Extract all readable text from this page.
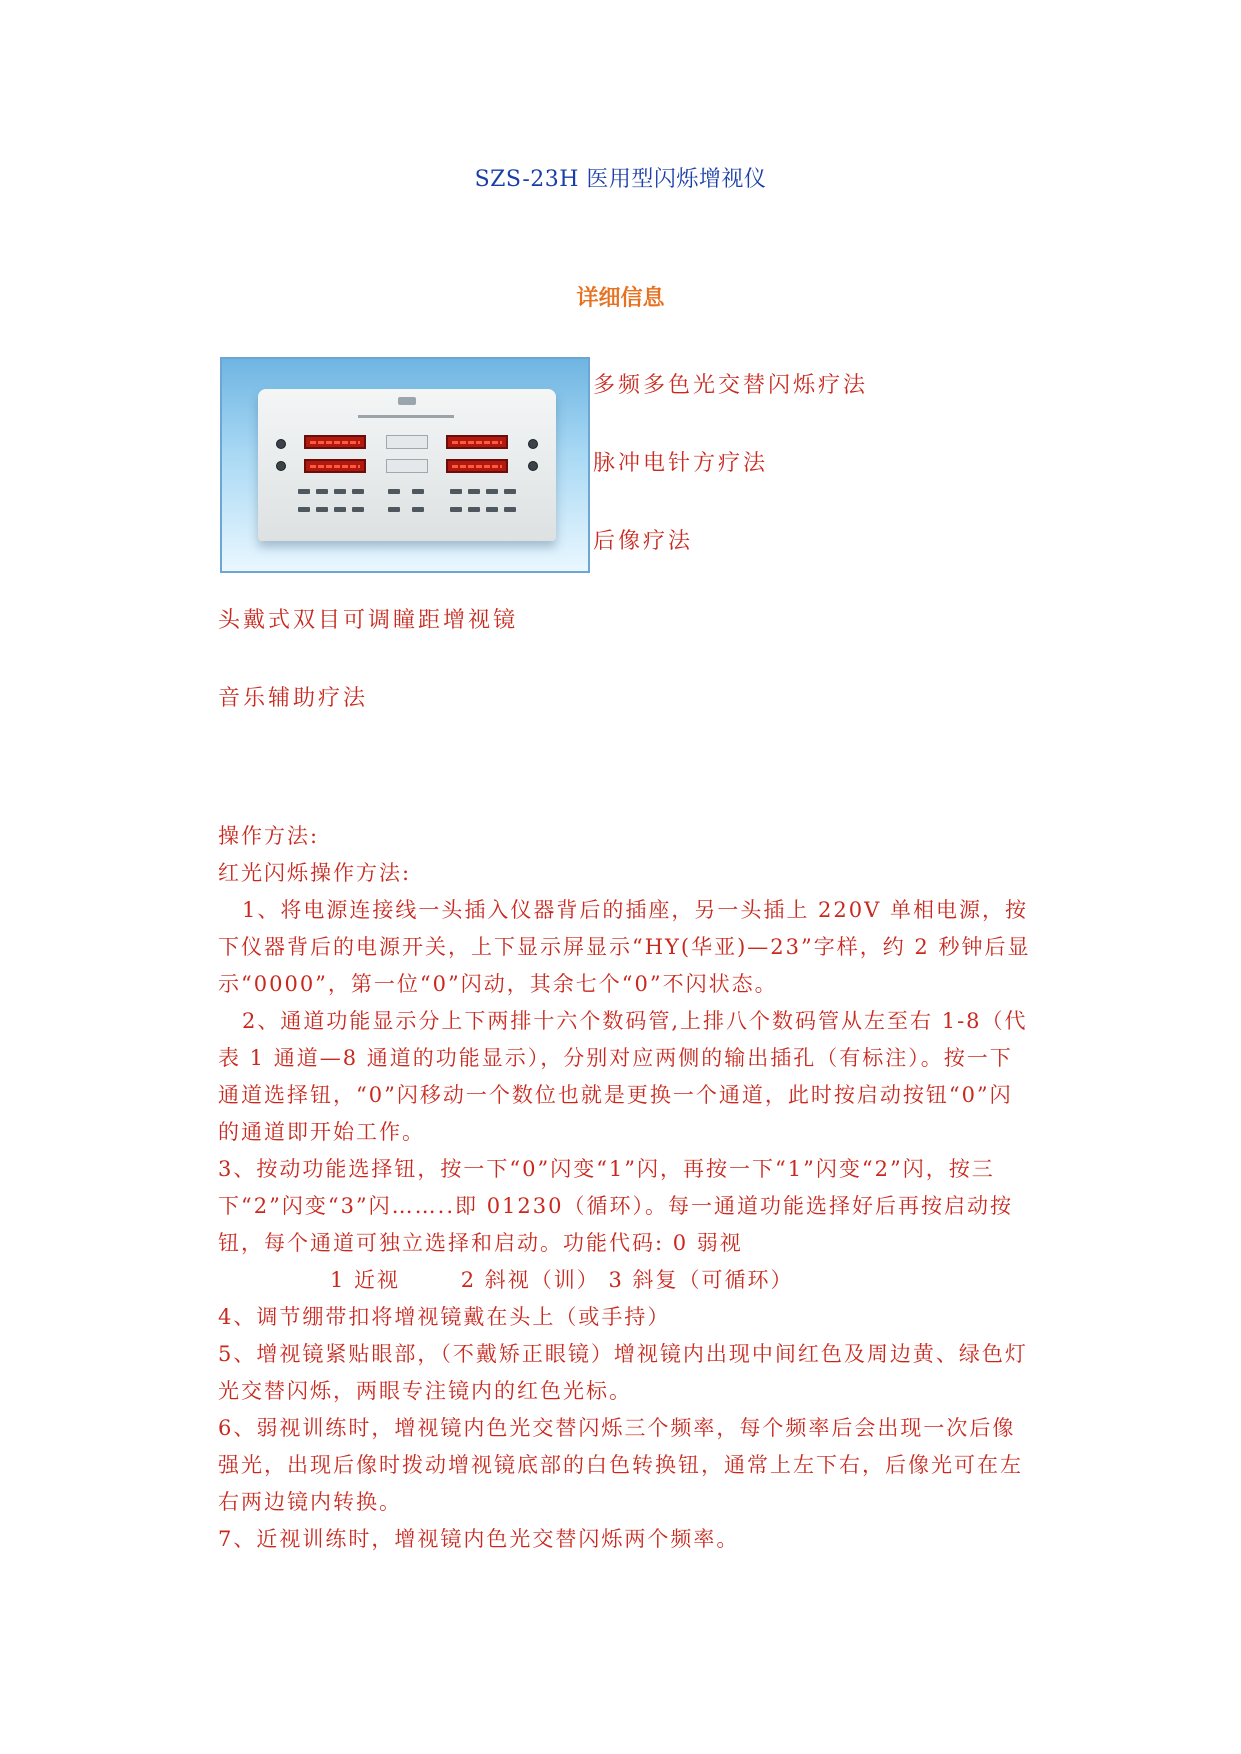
SZS-23H 医用型闪烁增视仪
详细信息
多频多色光交替闪烁疗法
脉冲电针方疗法
后像疗法
头戴式双目可调瞳距增视镜
音乐辅助疗法

操作方法:

红光闪烁操作方法:

1、将电源连接线一头插入仪器背后的插座，另一头插上 220V 单相电源，按下仪器背后的电源开关，上下显示屏显示“HY(华亚)—23”字样，约 2 秒钟后显示“0000”，第一位“0”闪动，其余七个“0”不闪状态。

2、通道功能显示分上下两排十六个数码管,上排八个数码管从左至右 1-8（代表 1 通道—8 通道的功能显示），分别对应两侧的输出插孔（有标注）。按一下通道选择钮，“0”闪移动一个数位也就是更换一个通道，此时按启动按钮“0”闪的通道即开始工作。

3、按动功能选择钮，按一下“0”闪变“1”闪，再按一下“1”闪变“2”闪，按三下“2”闪变“3”闪……..即 01230（循环）。每一通道功能选择好后再按启动按钮，每个通道可独立选择和启动。功能代码: 0 弱视

1 近视       2 斜视（训） 3 斜复（可循环）

4、调节绷带扣将增视镜戴在头上（或手持）

5、增视镜紧贴眼部，（不戴矫正眼镜）增视镜内出现中间红色及周边黄、绿色灯光交替闪烁，两眼专注镜内的红色光标。

6、弱视训练时，增视镜内色光交替闪烁三个频率，每个频率后会出现一次后像强光，出现后像时拨动增视镜底部的白色转换钮，通常上左下右，后像光可在左右两边镜内转换。

7、近视训练时，增视镜内色光交替闪烁两个频率。
